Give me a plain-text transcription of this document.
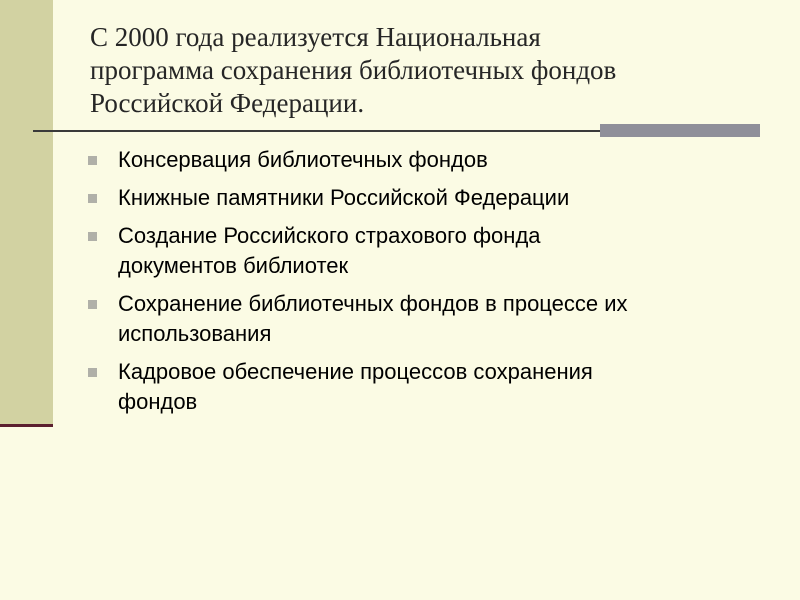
С 2000 года реализуется Национальная
программа сохранения библиотечных фондов
Российской Федерации.
Консервация библиотечных фондов
Книжные памятники Российской Федерации
Создание Российского страхового фонда
документов библиотек
Сохранение библиотечных фондов в процессе их
использования
Кадровое обеспечение процессов сохранения
фондов
